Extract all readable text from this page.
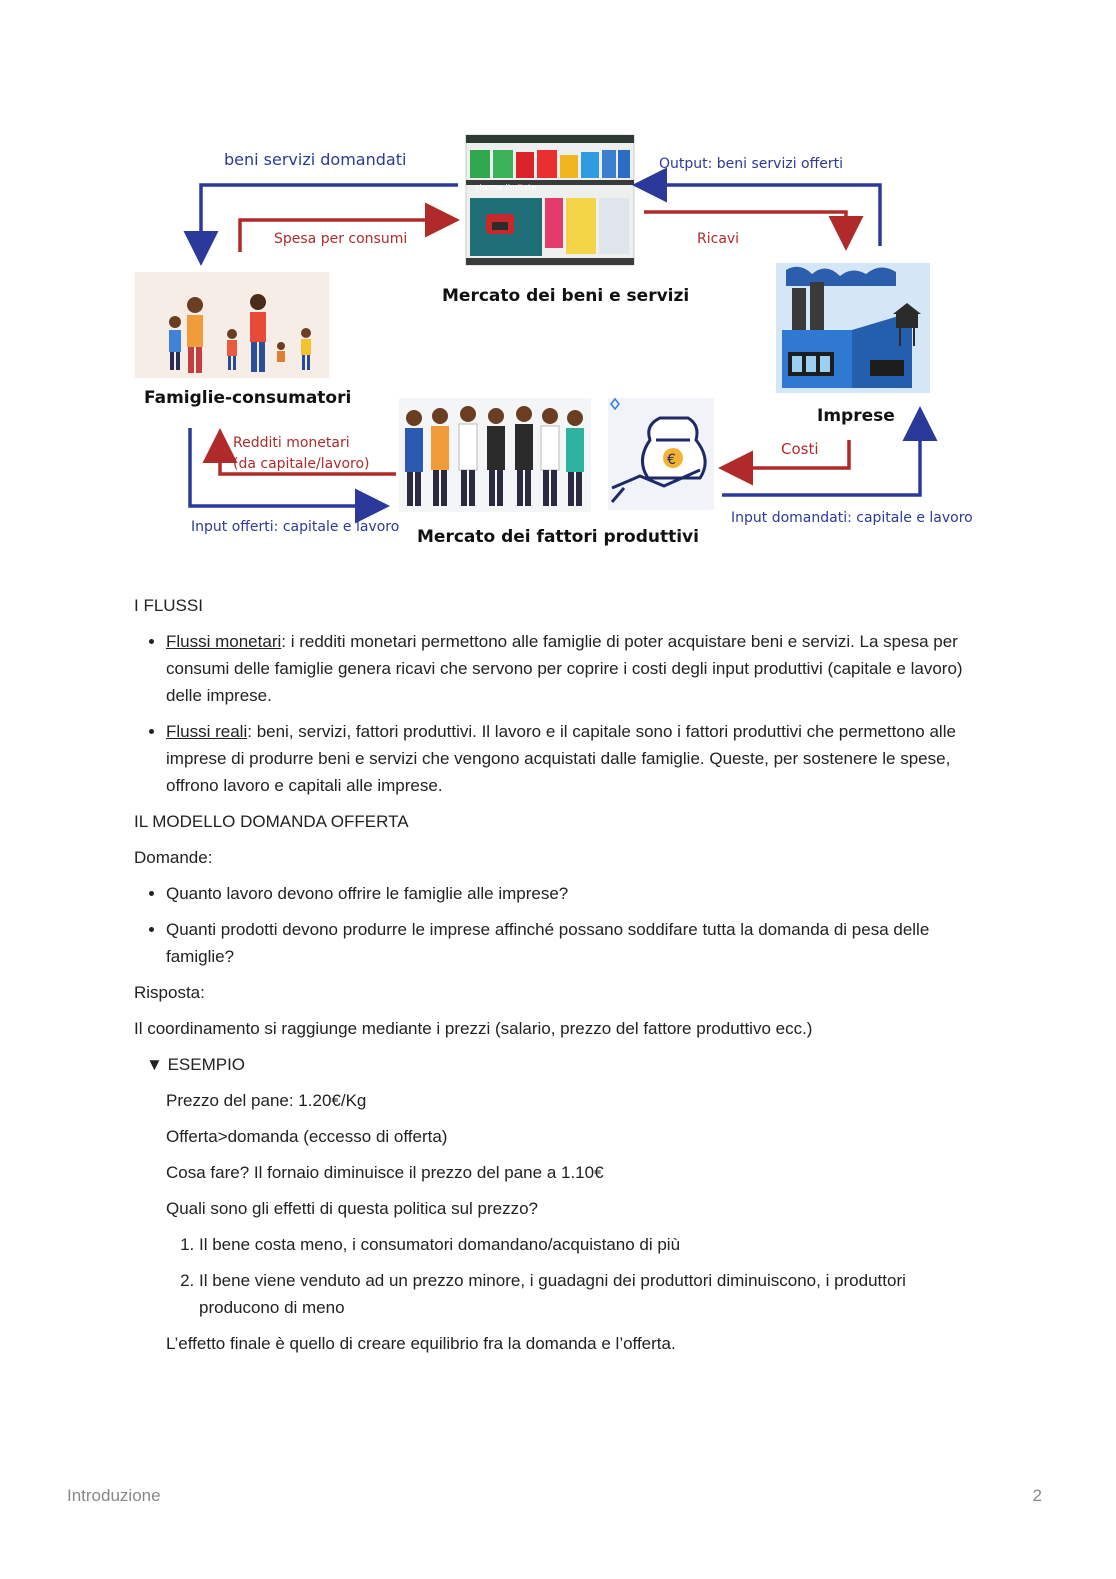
risorse limitate
€
beni servizi domandati
Spesa per consumi
Output: beni servizi offerti
Ricavi
Mercato dei beni e servizi
Famiglie-consumatori
Imprese
Redditi monetari
(da capitale/lavoro)
Costi
Input offerti: capitale e lavoro
Input domandati: capitale e lavoro
Mercato dei fattori produttivi

I FLUSSI

• Flussi monetari: i redditi monetari permettono alle famiglie di poter acquistare beni e servizi. La spesa per consumi delle famiglie genera ricavi che servono per coprire i costi degli input produttivi (capitale e lavoro) delle imprese.
• Flussi reali: beni, servizi, fattori produttivi. Il lavoro e il capitale sono i fattori produttivi che permettono alle imprese di produrre beni e servizi che vengono acquistati dalle famiglie. Queste, per sostenere le spese, offrono lavoro e capitali alle imprese.

IL MODELLO DOMANDA OFFERTA

Domande:

• Quanto lavoro devono offrire le famiglie alle imprese?
• Quanti prodotti devono produrre le imprese affinché possano soddifare tutta la domanda di pesa delle famiglie?

Risposta:

Il coordinamento si raggiunge mediante i prezzi (salario, prezzo del fattore produttivo ecc.)

▼ ESEMPIO

Prezzo del pane: 1.20€/Kg

Offerta>domanda (eccesso di offerta)

Cosa fare? Il fornaio diminuisce il prezzo del pane a 1.10€

Quali sono gli effetti di questa politica sul prezzo?

1. Il bene costa meno, i consumatori domandano/acquistano di più
2. Il bene viene venduto ad un prezzo minore, i guadagni dei produttori diminuiscono, i produttori producono di meno

L’effetto finale è quello di creare equilibrio fra la domanda e l’offerta.

Introduzione	2
